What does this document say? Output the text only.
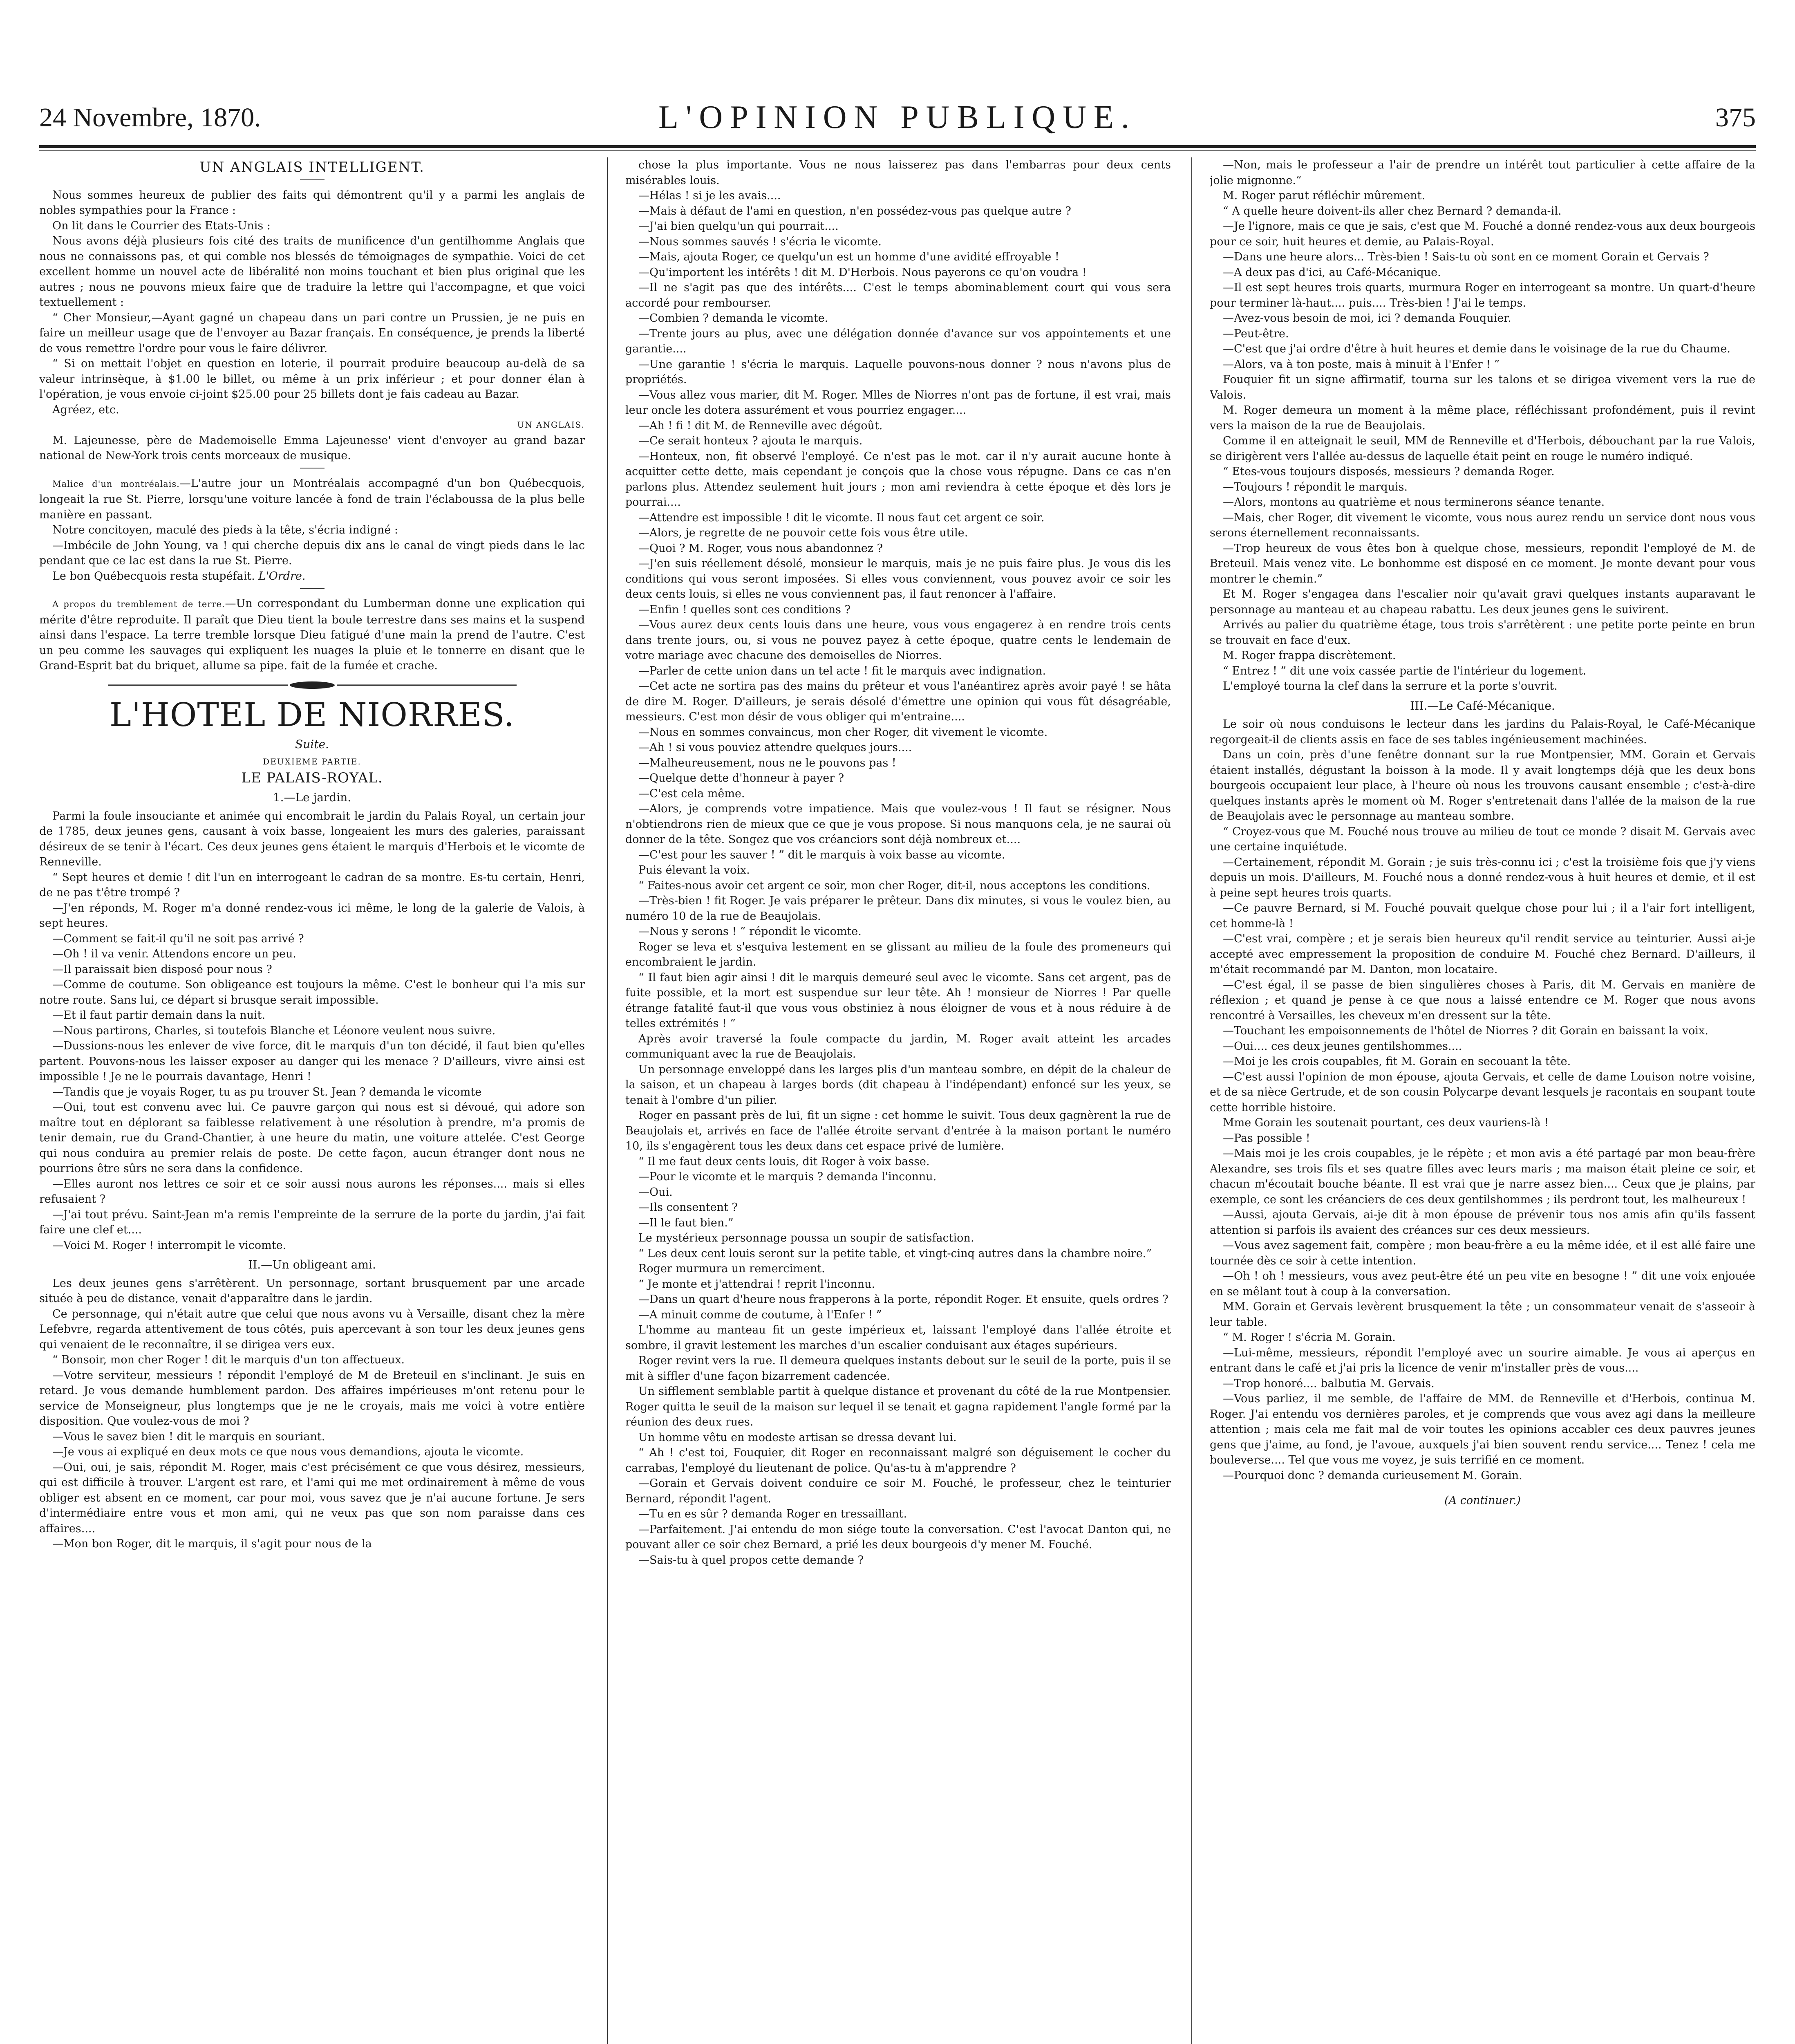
24 Novembre, 1870.	L'OPINION PUBLIQUE.	375
UN ANGLAIS INTELLIGENT.

Nous sommes heureux de publier des faits qui démontrent qu'il y a parmi les anglais de nobles sympathies pour la France :

On lit dans le Courrier des Etats-Unis :

Nous avons déjà plusieurs fois cité des traits de munificence d'un gentilhomme Anglais que nous ne connaissons pas, et qui comble nos blessés de témoignages de sympathie. Voici de cet excellent homme un nouvel acte de libéralité non moins touchant et bien plus original que les autres ; nous ne pouvons mieux faire que de traduire la lettre qui l'accompagne, et que voici textuellement :

“ Cher Monsieur,—Ayant gagné un chapeau dans un pari contre un Prussien, je ne puis en faire un meilleur usage que de l'envoyer au Bazar français. En conséquence, je prends la liberté de vous remettre l'ordre pour vous le faire délivrer.

“ Si on mettait l'objet en question en loterie, il pourrait produire beaucoup au-delà de sa valeur intrinsèque, à $1.00 le billet, ou même à un prix inférieur ; et pour donner élan à l'opération, je vous envoie ci-joint $25.00 pour 25 billets dont je fais cadeau au Bazar.

Agréez, etc.

UN ANGLAIS.

M. Lajeunesse, père de Mademoiselle Emma Lajeunesse' vient d'envoyer au grand bazar national de New-York trois cents morceaux de musique.

Malice d'un montréalais.—L'autre jour un Montréalais accompagné d'un bon Québecquois, longeait la rue St. Pierre, lorsqu'une voiture lancée à fond de train l'éclaboussa de la plus belle manière en passant.

Notre concitoyen, maculé des pieds à la tête, s'écria indigné :

—Imbécile de John Young, va ! qui cherche depuis dix ans le canal de vingt pieds dans le lac pendant que ce lac est dans la rue St. Pierre.

Le bon Québecquois resta stupéfait. L'Ordre.

A propos du tremblement de terre.—Un correspondant du Lumberman donne une explication qui mérite d'être reproduite. Il paraît que Dieu tient la boule terrestre dans ses mains et la suspend ainsi dans l'espace. La terre tremble lorsque Dieu fatigué d'une main la prend de l'autre. C'est un peu comme les sauvages qui expliquent les nuages la pluie et le tonnerre en disant que le Grand-Esprit bat du briquet, allume sa pipe. fait de la fumée et crache.

L'HOTEL DE NIORRES.
Suite.
DEUXIEME PARTIE.
LE PALAIS-ROYAL.
1.—Le jardin.

Parmi la foule insouciante et animée qui encombrait le jardin du Palais Royal, un certain jour de 1785, deux jeunes gens, causant à voix basse, longeaient les murs des galeries, paraissant désireux de se tenir à l'écart. Ces deux jeunes gens étaient le marquis d'Herbois et le vicomte de Renneville.

“ Sept heures et demie ! dit l'un en interrogeant le cadran de sa montre. Es-tu certain, Henri, de ne pas t'être trompé ?

—J'en réponds, M. Roger m'a donné rendez-vous ici même, le long de la galerie de Valois, à sept heures.

—Comment se fait-il qu'il ne soit pas arrivé ?

—Oh ! il va venir. Attendons encore un peu.

—Il paraissait bien disposé pour nous ?

—Comme de coutume. Son obligeance est toujours la même. C'est le bonheur qui l'a mis sur notre route. Sans lui, ce départ si brusque serait impossible.

—Et il faut partir demain dans la nuit.

—Nous partirons, Charles, si toutefois Blanche et Léonore veulent nous suivre.

—Dussions-nous les enlever de vive force, dit le marquis d'un ton décidé, il faut bien qu'elles partent. Pouvons-nous les laisser exposer au danger qui les menace ? D'ailleurs, vivre ainsi est impossible ! Je ne le pourrais davantage, Henri !

—Tandis que je voyais Roger, tu as pu trouver St. Jean ? demanda le vicomte

—Oui, tout est convenu avec lui. Ce pauvre garçon qui nous est si dévoué, qui adore son maître tout en déplorant sa faiblesse relativement à une résolution à prendre, m'a promis de tenir demain, rue du Grand-Chantier, à une heure du matin, une voiture attelée. C'est George qui nous conduira au premier relais de poste. De cette façon, aucun étranger dont nous ne pourrions être sûrs ne sera dans la confidence.

—Elles auront nos lettres ce soir et ce soir aussi nous aurons les réponses.... mais si elles refusaient ?

—J'ai tout prévu. Saint-Jean m'a remis l'empreinte de la serrure de la porte du jardin, j'ai fait faire une clef et....

—Voici M. Roger ! interrompit le vicomte.

II.—Un obligeant ami.

Les deux jeunes gens s'arrêtèrent. Un personnage, sortant brusquement par une arcade située à peu de distance, venait d'apparaître dans le jardin.

Ce personnage, qui n'était autre que celui que nous avons vu à Versaille, disant chez la mère Lefebvre, regarda attentivement de tous côtés, puis apercevant à son tour les deux jeunes gens qui venaient de le reconnaître, il se dirigea vers eux.

“ Bonsoir, mon cher Roger ! dit le marquis d'un ton affectueux.

—Votre serviteur, messieurs ! répondit l'employé de M de Breteuil en s'inclinant. Je suis en retard. Je vous demande humblement pardon. Des affaires impérieuses m'ont retenu pour le service de Monseigneur, plus longtemps que je ne le croyais, mais me voici à votre entière disposition. Que voulez-vous de moi ?

—Vous le savez bien ! dit le marquis en souriant.

—Je vous ai expliqué en deux mots ce que nous vous demandions, ajouta le vicomte.

—Oui, oui, je sais, répondit M. Roger, mais c'est précisément ce que vous désirez, messieurs, qui est difficile à trouver. L'argent est rare, et l'ami qui me met ordinairement à même de vous obliger est absent en ce moment, car pour moi, vous savez que je n'ai aucune fortune. Je sers d'intermédiaire entre vous et mon ami, qui ne veux pas que son nom paraisse dans ces affaires....

—Mon bon Roger, dit le marquis, il s'agit pour nous de la

chose la plus importante. Vous ne nous laisserez pas dans l'embarras pour deux cents misérables louis.

—Hélas ! si je les avais....

—Mais à défaut de l'ami en question, n'en possédez-vous pas quelque autre ?

—J'ai bien quelqu'un qui pourrait....

—Nous sommes sauvés ! s'écria le vicomte.

—Mais, ajouta Roger, ce quelqu'un est un homme d'une avidité effroyable !

—Qu'importent les intérêts ! dit M. D'Herbois. Nous payerons ce qu'on voudra !

—Il ne s'agit pas que des intérêts.... C'est le temps abominablement court qui vous sera accordé pour rembourser.

—Combien ? demanda le vicomte.

—Trente jours au plus, avec une délégation donnée d'avance sur vos appointements et une garantie....

—Une garantie ! s'écria le marquis. Laquelle pouvons-nous donner ? nous n'avons plus de propriétés.

—Vous allez vous marier, dit M. Roger. Mlles de Niorres n'ont pas de fortune, il est vrai, mais leur oncle les dotera assurément et vous pourriez engager....

—Ah ! fi ! dit M. de Renneville avec dégoût.

—Ce serait honteux ? ajouta le marquis.

—Honteux, non, fit observé l'employé. Ce n'est pas le mot. car il n'y aurait aucune honte à acquitter cette dette, mais cependant je conçois que la chose vous répugne. Dans ce cas n'en parlons plus. Attendez seulement huit jours ; mon ami reviendra à cette époque et dès lors je pourrai....

—Attendre est impossible ! dit le vicomte. Il nous faut cet argent ce soir.

—Alors, je regrette de ne pouvoir cette fois vous être utile.

—Quoi ? M. Roger, vous nous abandonnez ?

—J'en suis réellement désolé, monsieur le marquis, mais je ne puis faire plus. Je vous dis les conditions qui vous seront imposées. Si elles vous conviennent, vous pouvez avoir ce soir les deux cents louis, si elles ne vous conviennent pas, il faut renoncer à l'affaire.

—Enfin ! quelles sont ces conditions ?

—Vous aurez deux cents louis dans une heure, vous vous engagerez à en rendre trois cents dans trente jours, ou, si vous ne pouvez payez à cette époque, quatre cents le lendemain de votre mariage avec chacune des demoiselles de Niorres.

—Parler de cette union dans un tel acte ! fit le marquis avec indignation.

—Cet acte ne sortira pas des mains du prêteur et vous l'anéantirez après avoir payé ! se hâta de dire M. Roger. D'ailleurs, je serais désolé d'émettre une opinion qui vous fût désagréable, messieurs. C'est mon désir de vous obliger qui m'entraine....

—Nous en sommes convaincus, mon cher Roger, dit vivement le vicomte.

—Ah ! si vous pouviez attendre quelques jours....

—Malheureusement, nous ne le pouvons pas !

—Quelque dette d'honneur à payer ?

—C'est cela même.

—Alors, je comprends votre impatience. Mais que voulez-vous ! Il faut se résigner. Nous n'obtiendrons rien de mieux que ce que je vous propose. Si nous manquons cela, je ne saurai où donner de la tête. Songez que vos créanciors sont déjà nombreux et....

—C'est pour les sauver ! ” dit le marquis à voix basse au vicomte.

Puis élevant la voix.

“ Faites-nous avoir cet argent ce soir, mon cher Roger, dit-il, nous acceptons les conditions.

—Très-bien ! fit Roger. Je vais préparer le prêteur. Dans dix minutes, si vous le voulez bien, au numéro 10 de la rue de Beaujolais.

—Nous y serons ! ” répondit le vicomte.

Roger se leva et s'esquiva lestement en se glissant au milieu de la foule des promeneurs qui encombraient le jardin.

“ Il faut bien agir ainsi ! dit le marquis demeuré seul avec le vicomte. Sans cet argent, pas de fuite possible, et la mort est suspendue sur leur tête. Ah ! monsieur de Niorres ! Par quelle étrange fatalité faut-il que vous vous obstiniez à nous éloigner de vous et à nous réduire à de telles extrémités ! ”

Après avoir traversé la foule compacte du jardin, M. Roger avait atteint les arcades communiquant avec la rue de Beaujolais.

Un personnage enveloppé dans les larges plis d'un manteau sombre, en dépit de la chaleur de la saison, et un chapeau à larges bords (dit chapeau à l'indépendant) enfoncé sur les yeux, se tenait à l'ombre d'un pilier.

Roger en passant près de lui, fit un signe : cet homme le suivit. Tous deux gagnèrent la rue de Beaujolais et, arrivés en face de l'allée étroite servant d'entrée à la maison portant le numéro 10, ils s'engagèrent tous les deux dans cet espace privé de lumière.

“ Il me faut deux cents louis, dit Roger à voix basse.

—Pour le vicomte et le marquis ? demanda l'inconnu.

—Oui.

—Ils consentent ?

—Il le faut bien.”

Le mystérieux personnage poussa un soupir de satisfaction.

“ Les deux cent louis seront sur la petite table, et vingt-cinq autres dans la chambre noire.”

Roger murmura un remerciment.

“ Je monte et j'attendrai ! reprit l'inconnu.

—Dans un quart d'heure nous frapperons à la porte, répondit Roger. Et ensuite, quels ordres ?

—A minuit comme de coutume, à l'Enfer ! ”

L'homme au manteau fit un geste impérieux et, laissant l'employé dans l'allée étroite et sombre, il gravit lestement les marches d'un escalier conduisant aux étages supérieurs.

Roger revint vers la rue. Il demeura quelques instants debout sur le seuil de la porte, puis il se mit à siffler d'une façon bizarrement cadencée.

Un sifflement semblable partit à quelque distance et provenant du côté de la rue Montpensier. Roger quitta le seuil de la maison sur lequel il se tenait et gagna rapidement l'angle formé par la réunion des deux rues.

Un homme vêtu en modeste artisan se dressa devant lui.

“ Ah ! c'est toi, Fouquier, dit Roger en reconnaissant malgré son déguisement le cocher du carrabas, l'employé du lieutenant de police. Qu'as-tu à m'apprendre ?

—Gorain et Gervais doivent conduire ce soir M. Fouché, le professeur, chez le teinturier Bernard, répondit l'agent.

—Tu en es sûr ? demanda Roger en tressaillant.

—Parfaitement. J'ai entendu de mon siége toute la conversation. C'est l'avocat Danton qui, ne pouvant aller ce soir chez Bernard, a prié les deux bourgeois d'y mener M. Fouché.

—Sais-tu à quel propos cette demande ?

—Non, mais le professeur a l'air de prendre un intérêt tout particulier à cette affaire de la jolie mignonne.”

M. Roger parut réfléchir mûrement.

“ A quelle heure doivent-ils aller chez Bernard ? demanda-il.

—Je l'ignore, mais ce que je sais, c'est que M. Fouché a donné rendez-vous aux deux bourgeois pour ce soir, huit heures et demie, au Palais-Royal.

—Dans une heure alors... Très-bien ! Sais-tu où sont en ce moment Gorain et Gervais ?

—A deux pas d'ici, au Café-Mécanique.

—Il est sept heures trois quarts, murmura Roger en interrogeant sa montre. Un quart-d'heure pour terminer là-haut.... puis.... Très-bien ! J'ai le temps.

—Avez-vous besoin de moi, ici ? demanda Fouquier.

—Peut-être.

—C'est que j'ai ordre d'être à huit heures et demie dans le voisinage de la rue du Chaume.

—Alors, va à ton poste, mais à minuit à l'Enfer ! ”

Fouquier fit un signe affirmatif, tourna sur les talons et se dirigea vivement vers la rue de Valois.

M. Roger demeura un moment à la même place, réfléchissant profondément, puis il revint vers la maison de la rue de Beaujolais.

Comme il en atteignait le seuil, MM de Renneville et d'Herbois, débouchant par la rue Valois, se dirigèrent vers l'allée au-dessus de laquelle était peint en rouge le numéro indiqué.

“ Etes-vous toujours disposés, messieurs ? demanda Roger.

—Toujours ! répondit le marquis.

—Alors, montons au quatrième et nous terminerons séance tenante.

—Mais, cher Roger, dit vivement le vicomte, vous nous aurez rendu un service dont nous vous serons éternellement reconnaissants.

—Trop heureux de vous êtes bon à quelque chose, messieurs, repondit l'employé de M. de Breteuil. Mais venez vite. Le bonhomme est disposé en ce moment. Je monte devant pour vous montrer le chemin.”

Et M. Roger s'engagea dans l'escalier noir qu'avait gravi quelques instants auparavant le personnage au manteau et au chapeau rabattu. Les deux jeunes gens le suivirent.

Arrivés au palier du quatrième étage, tous trois s'arrêtèrent : une petite porte peinte en brun se trouvait en face d'eux.

M. Roger frappa discrètement.

“ Entrez ! ” dit une voix cassée partie de l'intérieur du logement.

L'employé tourna la clef dans la serrure et la porte s'ouvrit.

III.—Le Café-Mécanique.

Le soir où nous conduisons le lecteur dans les jardins du Palais-Royal, le Café-Mécanique regorgeait-il de clients assis en face de ses tables ingénieusement machinées.

Dans un coin, près d'une fenêtre donnant sur la rue Montpensier, MM. Gorain et Gervais étaient installés, dégustant la boisson à la mode. Il y avait longtemps déjà que les deux bons bourgeois occupaient leur place, à l'heure où nous les trouvons causant ensemble ; c'est-à-dire quelques instants après le moment où M. Roger s'entretenait dans l'allée de la maison de la rue de Beaujolais avec le personnage au manteau sombre.

“ Croyez-vous que M. Fouché nous trouve au milieu de tout ce monde ? disait M. Gervais avec une certaine inquiétude.

—Certainement, répondit M. Gorain ; je suis très-connu ici ; c'est la troisième fois que j'y viens depuis un mois. D'ailleurs, M. Fouché nous a donné rendez-vous à huit heures et demie, et il est à peine sept heures trois quarts.

—Ce pauvre Bernard, si M. Fouché pouvait quelque chose pour lui ; il a l'air fort intelligent, cet homme-là !

—C'est vrai, compère ; et je serais bien heureux qu'il rendit service au teinturier. Aussi ai-je accepté avec empressement la proposition de conduire M. Fouché chez Bernard. D'ailleurs, il m'était recommandé par M. Danton, mon locataire.

—C'est égal, il se passe de bien singulières choses à Paris, dit M. Gervais en manière de réflexion ; et quand je pense à ce que nous a laissé entendre ce M. Roger que nous avons rencontré à Versailles, les cheveux m'en dressent sur la tête.

—Touchant les empoisonnements de l'hôtel de Niorres ? dit Gorain en baissant la voix.

—Oui.... ces deux jeunes gentilshommes....

—Moi je les crois coupables, fit M. Gorain en secouant la tête.

—C'est aussi l'opinion de mon épouse, ajouta Gervais, et celle de dame Louison notre voisine, et de sa nièce Gertrude, et de son cousin Polycarpe devant lesquels je racontais en soupant toute cette horrible histoire.

Mme Gorain les soutenait pourtant, ces deux vauriens-là !

—Pas possible !

—Mais moi je les crois coupables, je le répète ; et mon avis a été partagé par mon beau-frère Alexandre, ses trois fils et ses quatre filles avec leurs maris ; ma maison était pleine ce soir, et chacun m'écoutait bouche béante. Il est vrai que je narre assez bien.... Ceux que je plains, par exemple, ce sont les créanciers de ces deux gentilshommes ; ils perdront tout, les malheureux !

—Aussi, ajouta Gervais, ai-je dit à mon épouse de prévenir tous nos amis afin qu'ils fassent attention si parfois ils avaient des créances sur ces deux messieurs.

—Vous avez sagement fait, compère ; mon beau-frère a eu la même idée, et il est allé faire une tournée dès ce soir à cette intention.

—Oh ! oh ! messieurs, vous avez peut-être été un peu vite en besogne ! ” dit une voix enjouée en se mêlant tout à coup à la conversation.

MM. Gorain et Gervais levèrent brusquement la tête ; un consommateur venait de s'asseoir à leur table.

“ M. Roger ! s'écria M. Gorain.

—Lui-même, messieurs, répondit l'employé avec un sourire aimable. Je vous ai aperçus en entrant dans le café et j'ai pris la licence de venir m'installer près de vous....

—Trop honoré.... balbutia M. Gervais.

—Vous parliez, il me semble, de l'affaire de MM. de Renneville et d'Herbois, continua M. Roger. J'ai entendu vos dernières paroles, et je comprends que vous avez agi dans la meilleure attention ; mais cela me fait mal de voir toutes les opinions accabler ces deux pauvres jeunes gens que j'aime, au fond, je l'avoue, auxquels j'ai bien souvent rendu service.... Tenez ! cela me bouleverse.... Tel que vous me voyez, je suis terrifié en ce moment.

—Pourquoi donc ? demanda curieusement M. Gorain.

(A continuer.)
